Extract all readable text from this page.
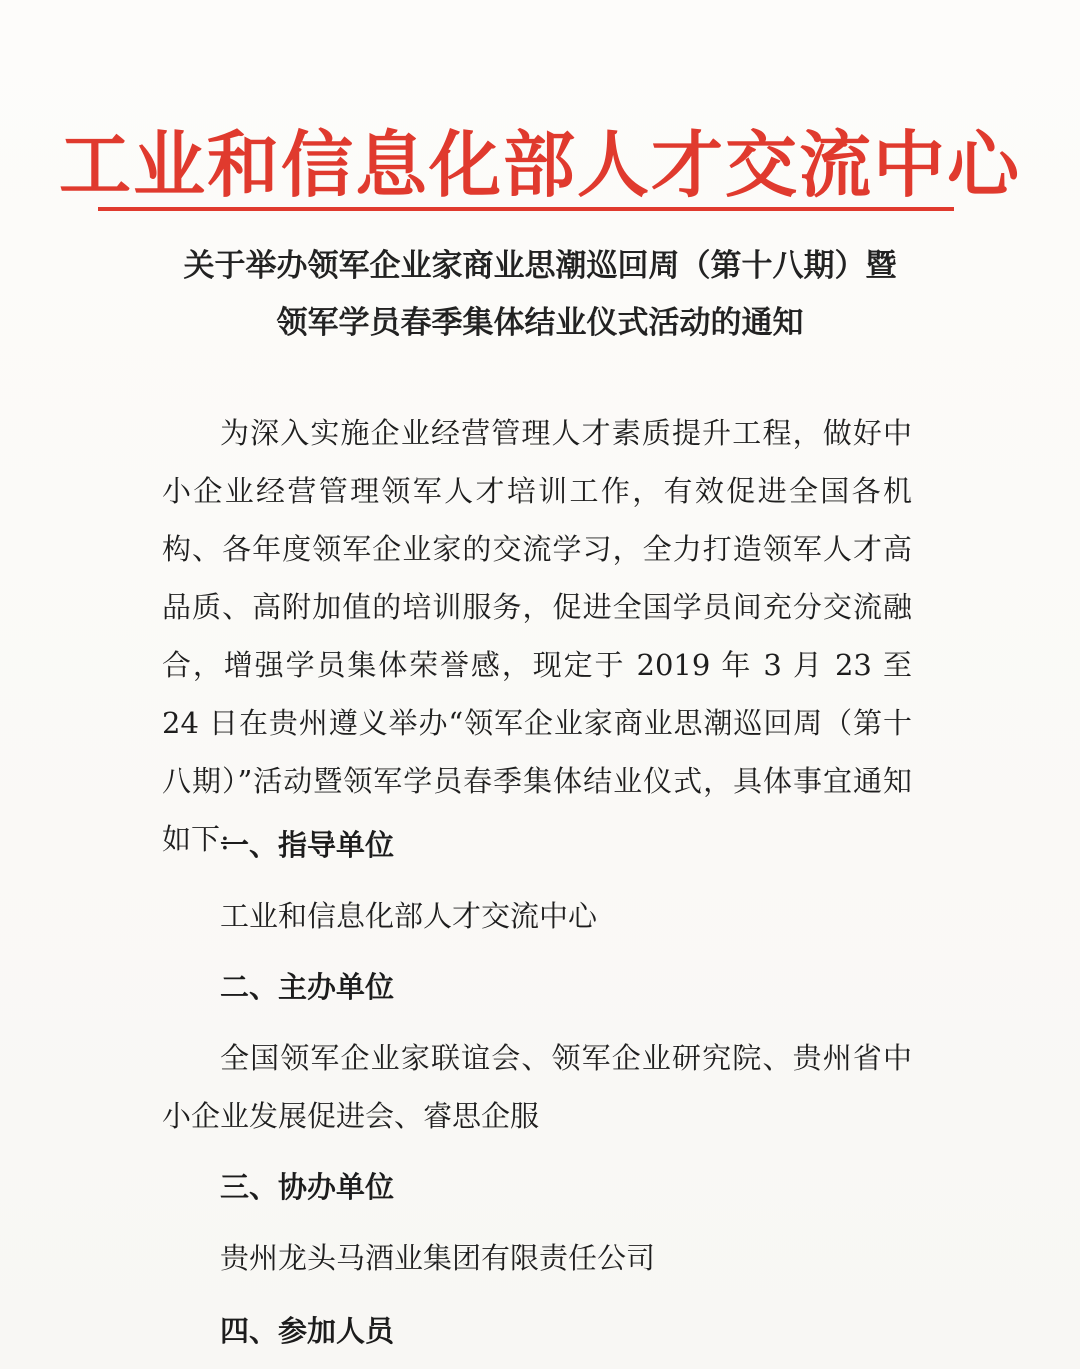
工业和信息化部人才交流中心
关于举办领军企业家商业思潮巡回周（第十八期）暨
领军学员春季集体结业仪式活动的通知
为深入实施企业经营管理人才素质提升工程，做好中小企业经营管理领军人才培训工作，有效促进全国各机构、各年度领军企业家的交流学习，全力打造领军人才高品质、高附加值的培训服务，促进全国学员间充分交流融合，增强学员集体荣誉感，现定于 2019 年 3 月 23 至 24 日在贵州遵义举办“领军企业家商业思潮巡回周（第十八期）”活动暨领军学员春季集体结业仪式，具体事宜通知如下:
一、指导单位
工业和信息化部人才交流中心
二、主办单位
全国领军企业家联谊会、领军企业研究院、贵州省中小企业发展促进会、睿思企服
三、协办单位
贵州龙头马酒业集团有限责任公司
四、参加人员
